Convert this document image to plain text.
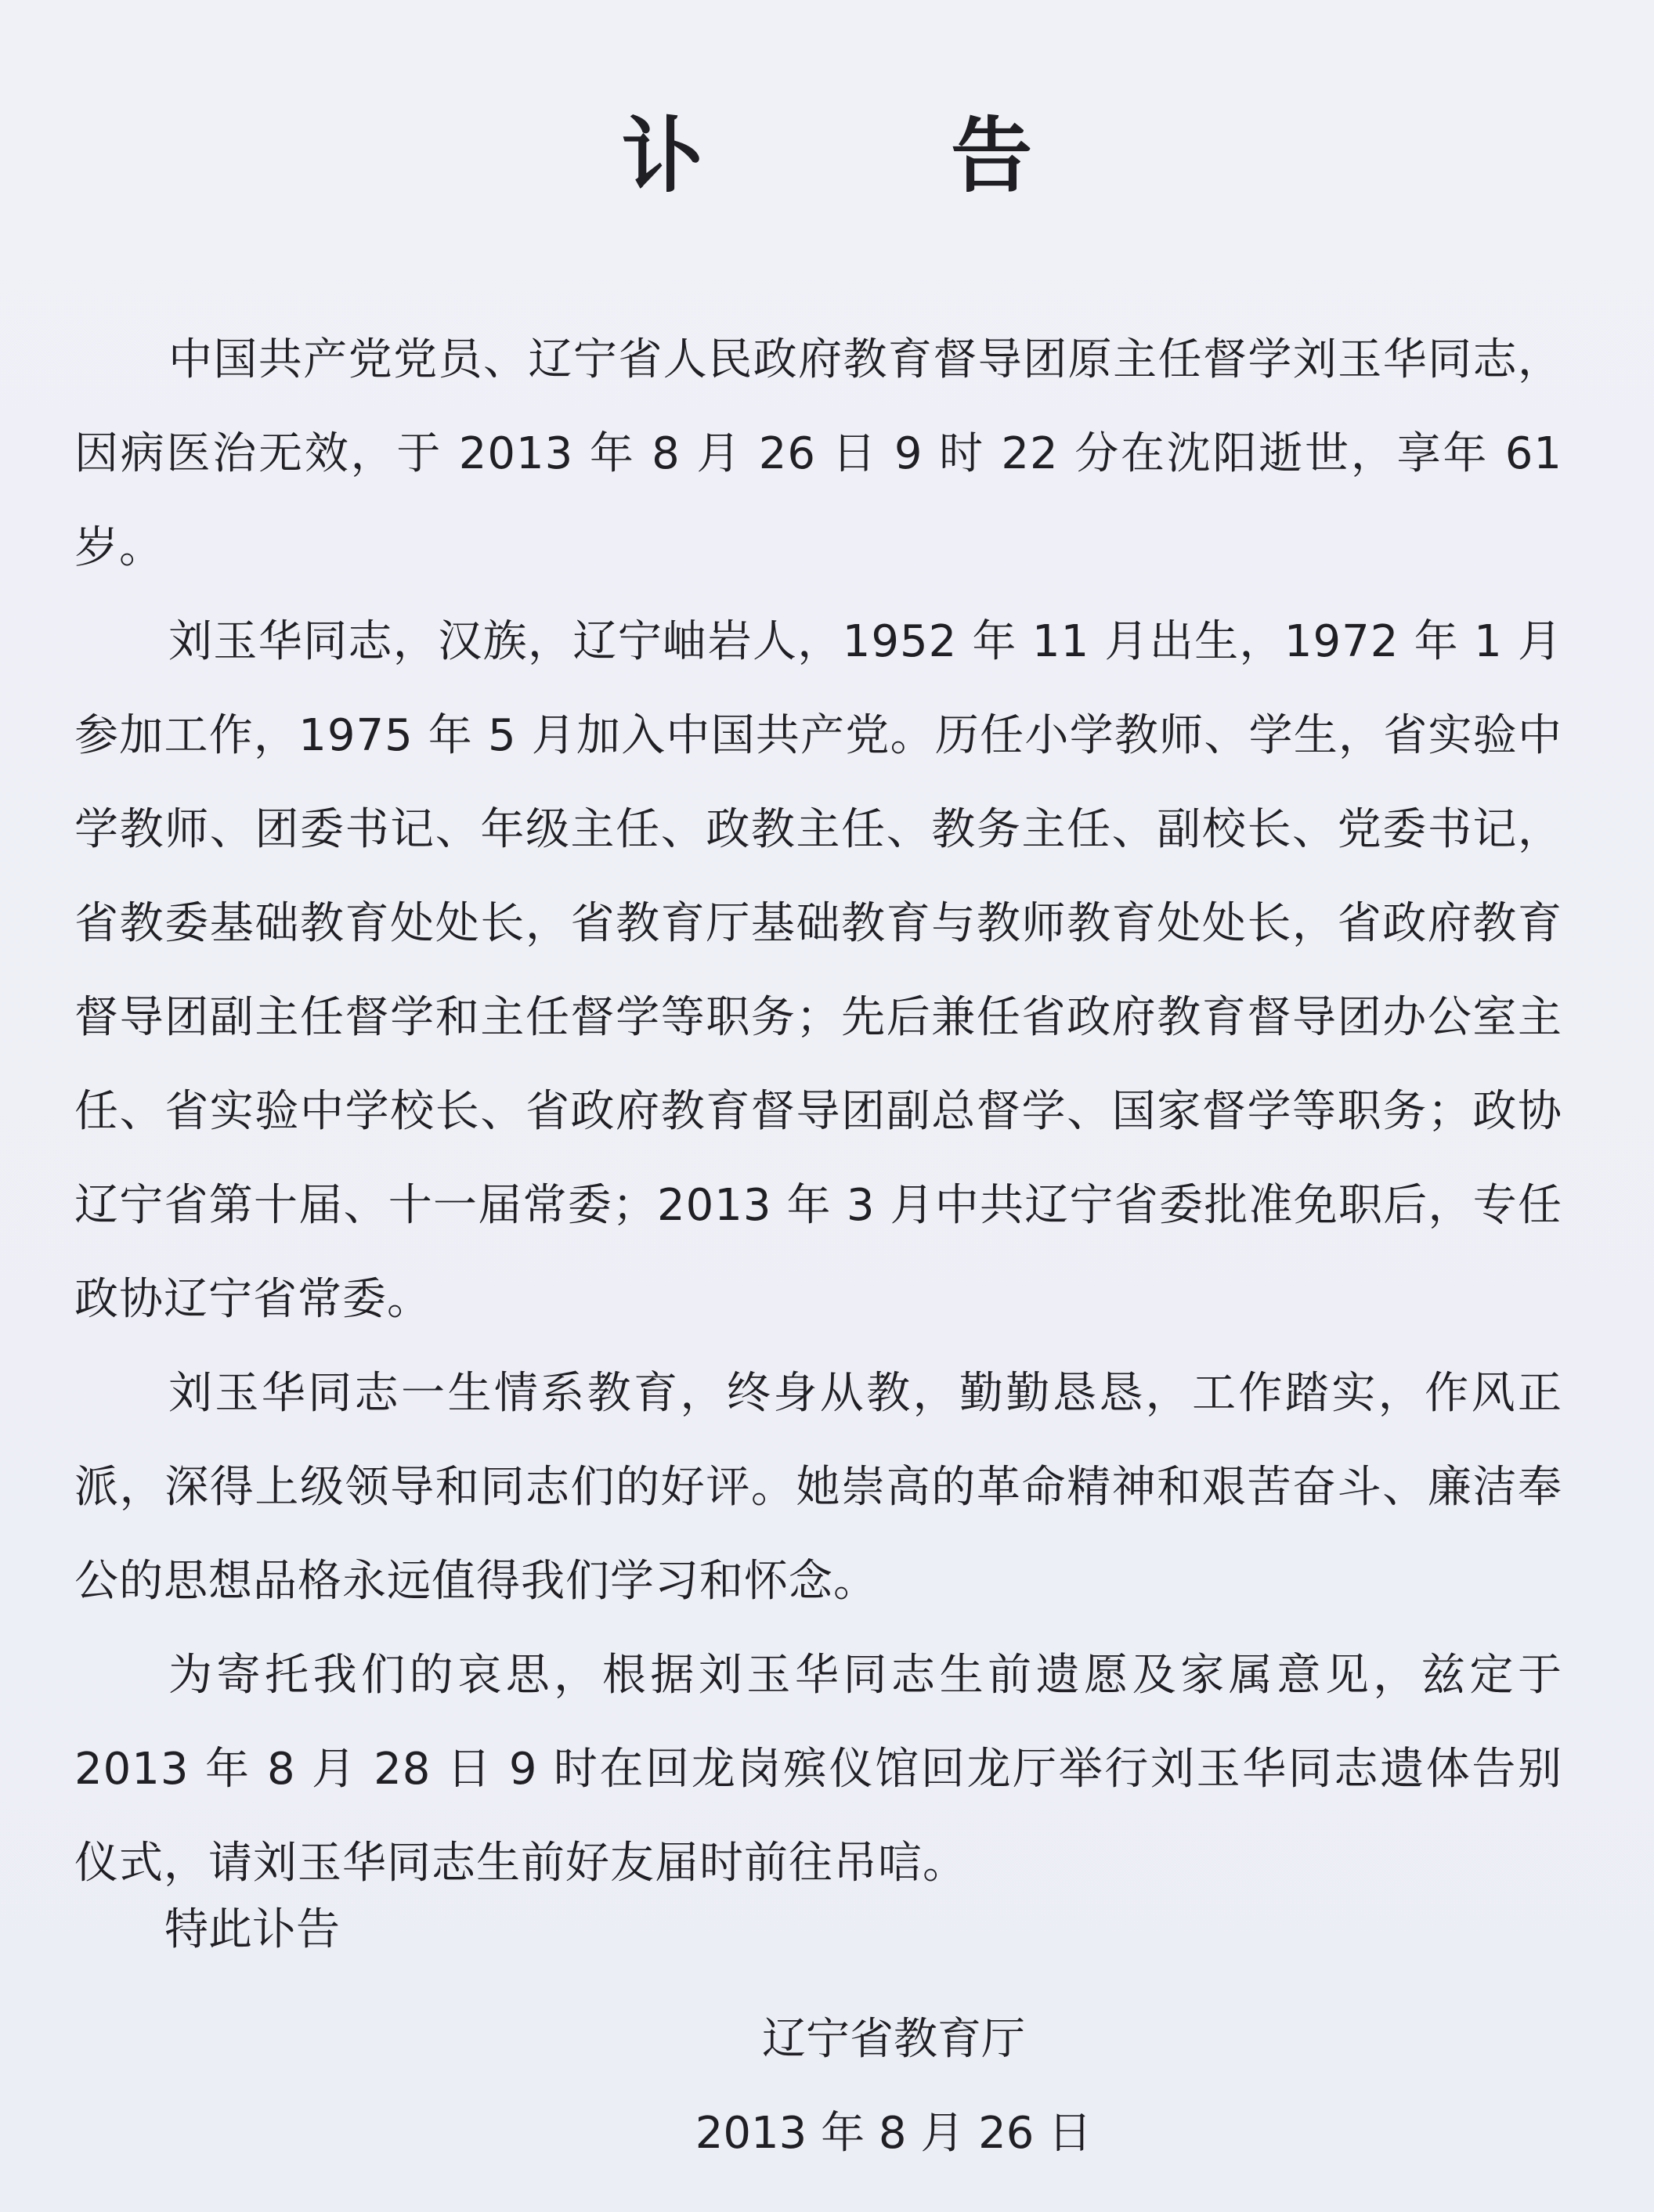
讣 告

中国共产党党员、辽宁省人民政府教育督导团原主任督学刘玉华同志，因病医治无效，于 2013 年 8 月 26 日 9 时 22 分在沈阳逝世，享年 61 岁。

刘玉华同志，汉族，辽宁岫岩人，1952 年 11 月出生，1972 年 1 月参加工作，1975 年 5 月加入中国共产党。历任小学教师、学生，省实验中学教师、团委书记、年级主任、政教主任、教务主任、副校长、党委书记，省教委基础教育处处长，省教育厅基础教育与教师教育处处长，省政府教育督导团副主任督学和主任督学等职务；先后兼任省政府教育督导团办公室主任、省实验中学校长、省政府教育督导团副总督学、国家督学等职务；政协辽宁省第十届、十一届常委；2013 年 3 月中共辽宁省委批准免职后，专任政协辽宁省常委。

刘玉华同志一生情系教育，终身从教，勤勤恳恳，工作踏实，作风正派，深得上级领导和同志们的好评。她崇高的革命精神和艰苦奋斗、廉洁奉公的思想品格永远值得我们学习和怀念。

为寄托我们的哀思，根据刘玉华同志生前遗愿及家属意见，兹定于 2013 年 8 月 28 日 9 时在回龙岗殡仪馆回龙厅举行刘玉华同志遗体告别仪式，请刘玉华同志生前好友届时前往吊唁。

特此讣告
辽宁省教育厅
2013 年 8 月 26 日
